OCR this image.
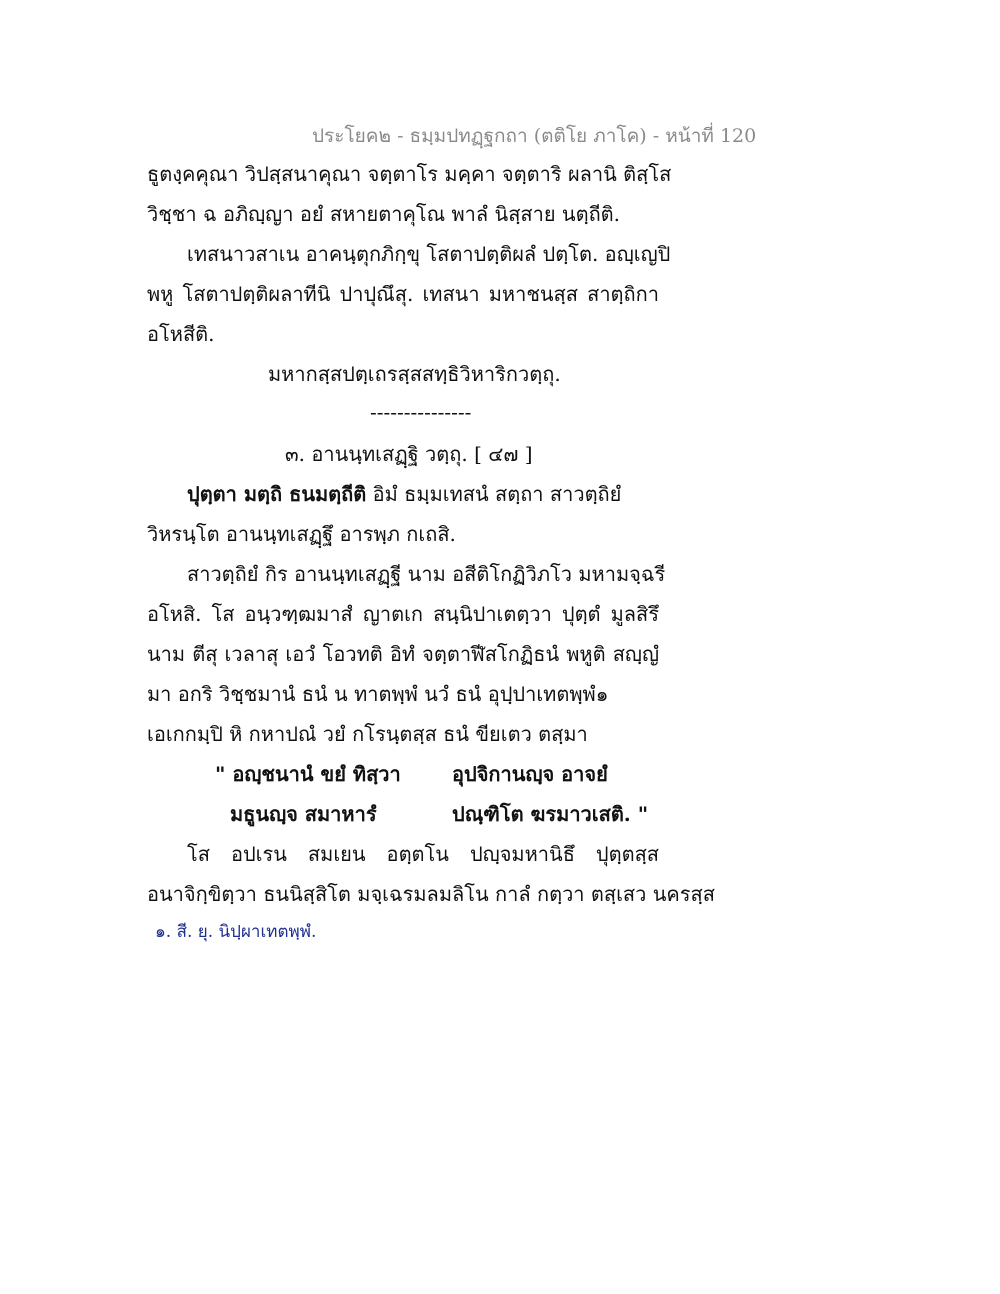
ประโยค๒ - ธมฺมปทฏฺฐกถา (ตติโย ภาโค) - หน้าที่ 120
ธูตงฺคคุณา วิปสฺสนาคุณา จตฺตาโร มคฺคา จตฺตาริ ผลานิ ติสฺโส
วิชฺชา ฉ อภิญฺญา อยํ สหายตาคุโณ พาลํ นิสฺสาย นตฺถีติ.
เทสนาวสาเน อาคนฺตุกภิกฺขุ โสตาปตฺติผลํ ปตฺโต. อญฺเญปิ
พหู โสตาปตฺติผลาทีนิ ปาปุณึสุ. เทสนา มหาชนสฺส สาตฺถิกา
อโหสีติ.
มหากสฺสปตฺเถรสฺสสทฺธิวิหาริกวตฺถุ.
---------------
๓. อานนฺทเสฏฺฐิ วตฺถุ. [ ๔๗ ]
ปุตฺตา มตฺถิ ธนมตฺถีติ อิมํ ธมฺมเทสนํ สตฺถา สาวตฺถิยํ
วิหรนฺโต อานนฺทเสฏฺฐึ อารพฺภ กเถสิ.
สาวตฺถิยํ กิร อานนฺทเสฏฺฐี นาม อสีติโกฏิวิภโว มหามจฺฉรี
อโหสิ. โส อนฺวฑฺฒมาสํ ญาตเก สนฺนิปาเตตฺวา ปุตฺตํ มูลสิรึ
นาม ตีสุ เวลาสุ เอวํ โอวทติ อิทํ จตฺตาฬีสโกฏิธนํ พหูติ สญฺญํ
มา อกริ วิชฺชมานํ ธนํ น ทาตพฺพํ นวํ ธนํ อุปฺปาเทตพฺพํ๑
เอเกกมฺปิ หิ กหาปณํ วยํ กโรนฺตสฺส ธนํ ขียเตว ตสฺมา
" อญฺชนานํ ขยํ ทิสฺวา	อุปจิกานญฺจ อาจยํ
มธูนญฺจ สมาหารํ	ปณฺฑิโต ฆรมาวเสติ. "
โส อปเรน สมเยน อตฺตโน ปญฺจมหานิธึ ปุตฺตสฺส
อนาจิกฺขิตฺวา ธนนิสฺสิโต มจฺเฉรมลมลิโน กาลํ กตฺวา ตสฺเสว นครสฺส
๑. สี. ยุ. นิปฺผาเทตพฺพํ.
